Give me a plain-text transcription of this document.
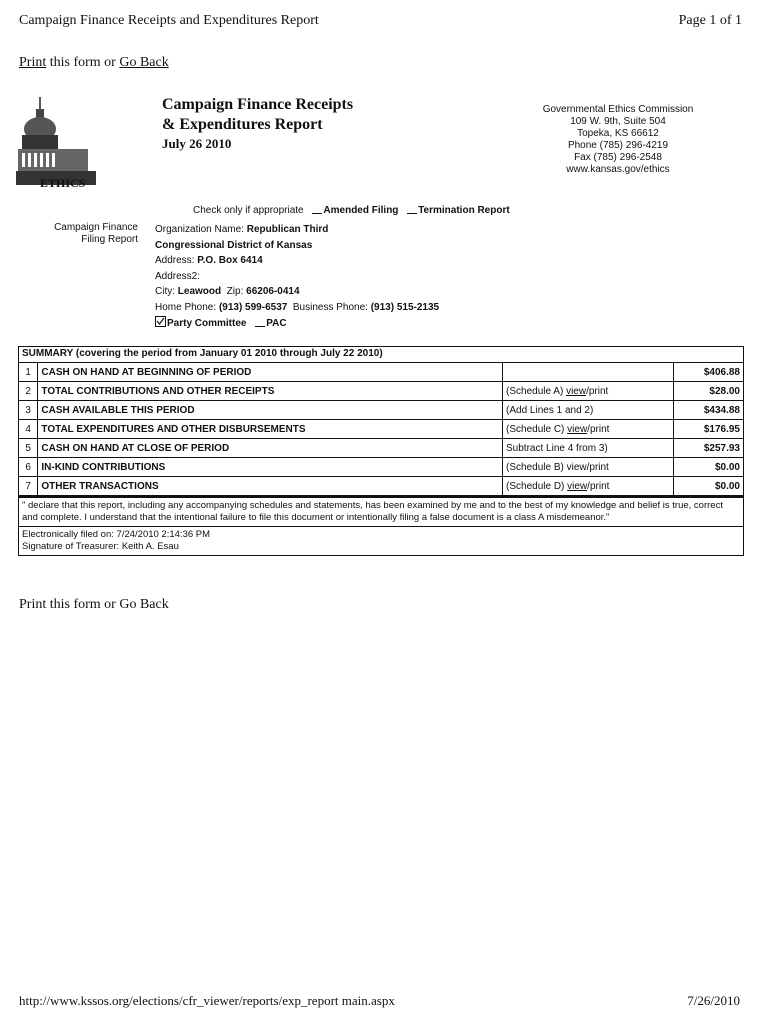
Campaign Finance Receipts and Expenditures Report	Page 1 of 1
Print this form or Go Back
ETHICS
Campaign Finance Receipts
& Expenditures Report
July 26 2010
Governmental Ethics Commission
109 W. 9th, Suite 504
Topeka, KS 66612
Phone (785) 296-4219
Fax (785) 296-2548
www.kansas.gov/ethics
Check only if appropriate Amended Filing Termination Report
Campaign Finance
Filing Report
Organization Name: Republican Third
Congressional District of Kansas
Address: P.O. Box 6414
Address2:
City: Leawood  Zip: 66206-0414
Home Phone: (913) 599-6537  Business Phone: (913) 515-2135
Party Committee PAC
SUMMARY (covering the period from January 01 2010 through July 22 2010)
1	CASH ON HAND AT BEGINNING OF PERIOD		$406.88
2	TOTAL CONTRIBUTIONS AND OTHER RECEIPTS	(Schedule A) view/print	$28.00
3	CASH AVAILABLE THIS PERIOD	(Add Lines 1 and 2)	$434.88
4	TOTAL EXPENDITURES AND OTHER DISBURSEMENTS	(Schedule C) view/print	$176.95
5	CASH ON HAND AT CLOSE OF PERIOD	Subtract Line 4 from 3)	$257.93
6	IN-KIND CONTRIBUTIONS	(Schedule B) view/print	$0.00
7	OTHER TRANSACTIONS	(Schedule D) view/print	$0.00
" declare that this report, including any accompanying schedules and statements, has been examined by me and to the best of my knowledge and belief is true, correct and complete. I understand that the intentional failure to file this document or intentionally filing a false document is a class A misdemeanor."
Electronically filed on: 7/24/2010 2:14:36 PM
Signature of Treasurer: Keith A. Esau
Print this form or Go Back
http://www.kssos.org/elections/cfr_viewer/reports/exp_report main.aspx	7/26/2010
